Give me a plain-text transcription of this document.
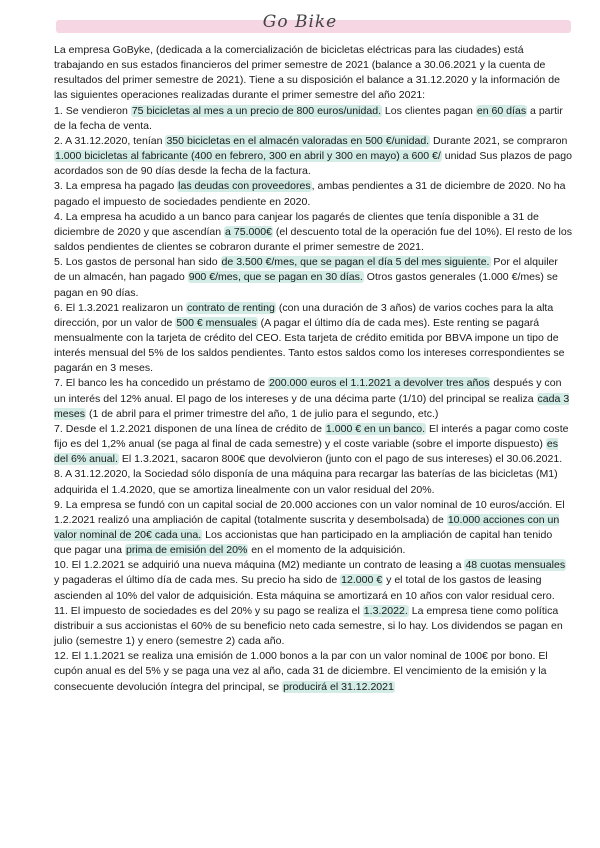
Go Bike

La empresa GoByke, (dedicada a la comercialización de bicicletas eléctricas para las ciudades) está trabajando en sus estados financieros del primer semestre de 2021 (balance a 30.06.2021 y la cuenta de resultados del primer semestre de 2021). Tiene a su disposición el balance a 31.12.2020 y la información de las siguientes operaciones realizadas durante el primer semestre del año 2021:

1. Se vendieron 75 bicicletas al mes a un precio de 800 euros/unidad. Los clientes pagan en 60 días a partir de la fecha de venta.

2. A 31.12.2020, tenían 350 bicicletas en el almacén valoradas en 500 €/unidad. Durante 2021, se compraron 1.000 bicicletas al fabricante (400 en febrero, 300 en abril y 300 en mayo) a 600 €/ unidad Sus plazos de pago acordados son de 90 días desde la fecha de la factura.

3. La empresa ha pagado las deudas con proveedores, ambas pendientes a 31 de diciembre de 2020. No ha pagado el impuesto de sociedades pendiente en 2020.

4. La empresa ha acudido a un banco para canjear los pagarés de clientes que tenía disponible a 31 de diciembre de 2020 y que ascendían a 75.000€ (el descuento total de la operación fue del 10%). El resto de los saldos pendientes de clientes se cobraron durante el primer semestre de 2021.

5. Los gastos de personal han sido de 3.500 €/mes, que se pagan el día 5 del mes siguiente. Por el alquiler de un almacén, han pagado 900 €/mes, que se pagan en 30 días. Otros gastos generales (1.000 €/mes) se pagan en 90 días.

6. El 1.3.2021 realizaron un contrato de renting (con una duración de 3 años) de varios coches para la alta dirección, por un valor de 500 € mensuales (A pagar el último día de cada mes). Este renting se pagará mensualmente con la tarjeta de crédito del CEO. Esta tarjeta de crédito emitida por BBVA impone un tipo de interés mensual del 5% de los saldos pendientes. Tanto estos saldos como los intereses correspondientes se pagarán en 3 meses.

7. El banco les ha concedido un préstamo de 200.000 euros el 1.1.2021 a devolver tres años después y con un interés del 12% anual. El pago de los intereses y de una décima parte (1/10) del principal se realiza cada 3 meses (1 de abril para el primer trimestre del año, 1 de julio para el segundo, etc.)

7. Desde el 1.2.2021 disponen de una línea de crédito de 1.000 € en un banco. El interés a pagar como coste fijo es del 1,2% anual (se paga al final de cada semestre) y el coste variable (sobre el importe dispuesto) es del 6% anual. El 1.3.2021, sacaron 800€ que devolvieron (junto con el pago de sus intereses) el 30.06.2021.

8. A 31.12.2020, la Sociedad sólo disponía de una máquina para recargar las baterías de las bicicletas (M1) adquirida el 1.4.2020, que se amortiza linealmente con un valor residual del 20%.

9. La empresa se fundó con un capital social de 20.000 acciones con un valor nominal de 10 euros/acción. El 1.2.2021 realizó una ampliación de capital (totalmente suscrita y desembolsada) de 10.000 acciones con un valor nominal de 20€ cada una. Los accionistas que han participado en la ampliación de capital han tenido que pagar una prima de emisión del 20% en el momento de la adquisición.

10. El 1.2.2021 se adquirió una nueva máquina (M2) mediante un contrato de leasing a 48 cuotas mensuales y pagaderas el último día de cada mes. Su precio ha sido de 12.000 € y el total de los gastos de leasing ascienden al 10% del valor de adquisición. Esta máquina se amortizará en 10 años con valor residual cero.

11. El impuesto de sociedades es del 20% y su pago se realiza el 1.3.2022. La empresa tiene como política distribuir a sus accionistas el 60% de su beneficio neto cada semestre, si lo hay. Los dividendos se pagan en julio (semestre 1) y enero (semestre 2) cada año.

12. El 1.1.2021 se realiza una emisión de 1.000 bonos a la par con un valor nominal de 100€ por bono. El cupón anual es del 5% y se paga una vez al año, cada 31 de diciembre. El vencimiento de la emisión y la consecuente devolución íntegra del principal, se producirá el 31.12.2021
